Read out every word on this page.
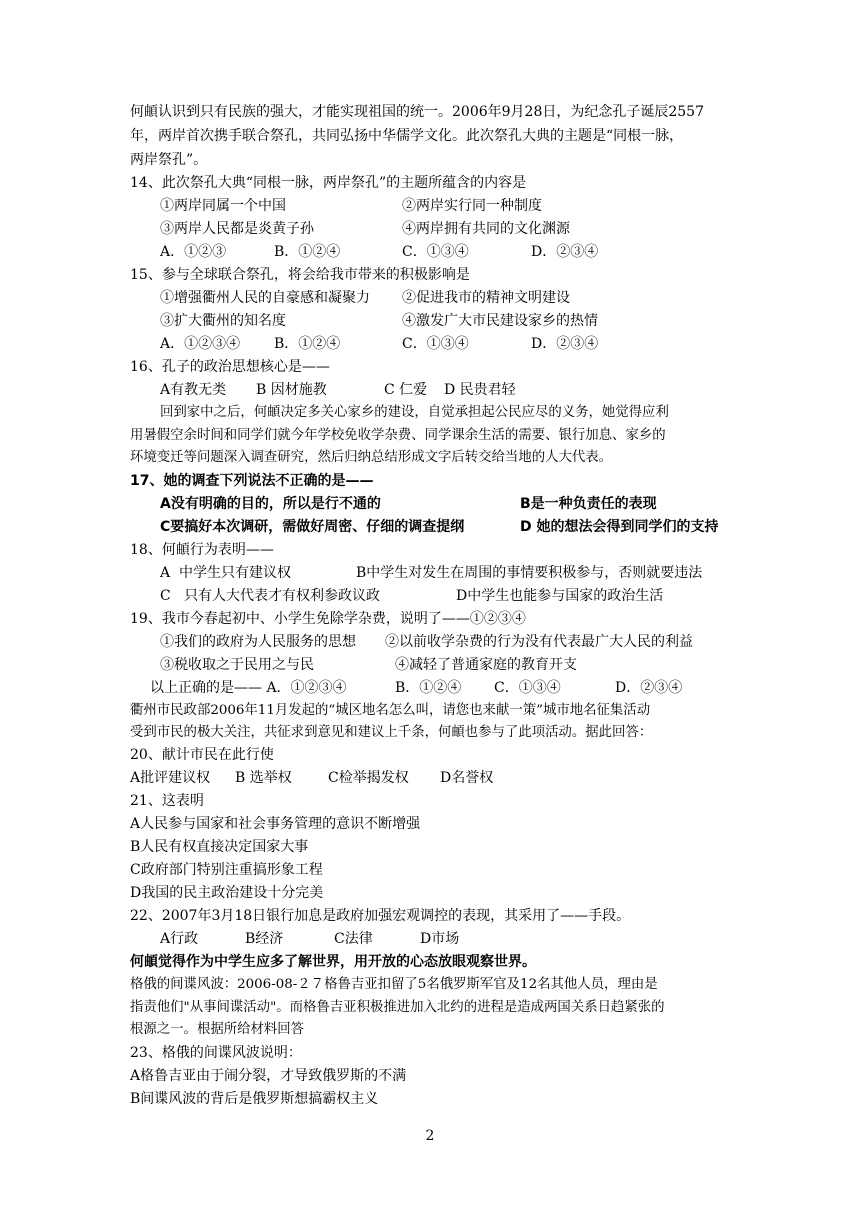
何頔认识到只有民族的强大，才能实现祖国的统一。2006年9月28日，为纪念孔子诞辰2557
年，两岸首次携手联合祭孔，共同弘扬中华儒学文化。此次祭孔大典的主题是“同根一脉，
两岸祭孔”。
14、此次祭孔大典“同根一脉，两岸祭孔”的主题所蕴含的内容是
①两岸同属一个中国	②两岸实行同一种制度
③两岸人民都是炎黄子孙	④两岸拥有共同的文化渊源
A．①②③	B．①②④	C．①③④	D．②③④
15、参与全球联合祭孔，将会给我市带来的积极影响是
①增强衢州人民的自豪感和凝聚力 ②促进我市的精神文明建设
③扩大衢州的知名度	④激发广大市民建设家乡的热情
A．①②③④ B．①②④	C．①③④	D．②③④
16、孔子的政治思想核心是——
A有教无类 B 因材施教	C 仁爱 D 民贵君轻
回到家中之后，何頔决定多关心家乡的建设，自觉承担起公民应尽的义务，她觉得应利
用暑假空余时间和同学们就今年学校免收学杂费、同学课余生活的需要、银行加息、家乡的
环境变迁等问题深入调查研究，然后归纳总结形成文字后转交给当地的人大代表。
17、她的调查下列说法不正确的是——
A没有明确的目的，所以是行不通的	B是一种负责任的表现
C要搞好本次调研，需做好周密、仔细的调查提纲	D 她的想法会得到同学们的支持
18、何頔行为表明——
A  中学生只有建议权	B中学生对发生在周围的事情要积极参与，否则就要违法
C   只有人大代表才有权利参政议政	D中学生也能参与国家的政治生活
19、我市今春起初中、小学生免除学杂费，说明了——①②③④
①我们的政府为人民服务的思想 ②以前收学杂费的行为没有代表最广大人民的利益
③税收取之于民用之与民	④减轻了普通家庭的教育开支
以上正确的是—— A．①②③④	B．①②④ C．①③④	D．②③④
衢州市民政部2006年11月发起的“城区地名怎么叫，请您也来献一策”城市地名征集活动
受到市民的极大关注，共征求到意见和建议上千条，何頔也参与了此项活动。据此回答：
20、献计市民在此行使
A批评建议权 B 选举权	C检举揭发权 D名誉权
21、这表明
A人民参与国家和社会事务管理的意识不断增强
B人民有权直接决定国家大事
C政府部门特别注重搞形象工程
D我国的民主政治建设十分完美
22、2007年3月18日银行加息是政府加强宏观调控的表现，其采用了——手段。
A行政	B经济	C法律	D市场
何頔觉得作为中学生应多了解世界，用开放的心态放眼观察世界。
格俄的间谍风波：2006-08-２７格鲁吉亚扣留了5名俄罗斯军官及12名其他人员，理由是
指责他们"从事间谍活动"。而格鲁吉亚积极推进加入北约的进程是造成两国关系日趋紧张的
根源之一。根据所给材料回答
23、格俄的间谍风波说明：
A格鲁吉亚由于闹分裂，才导致俄罗斯的不满
B间谍风波的背后是俄罗斯想搞霸权主义
2
